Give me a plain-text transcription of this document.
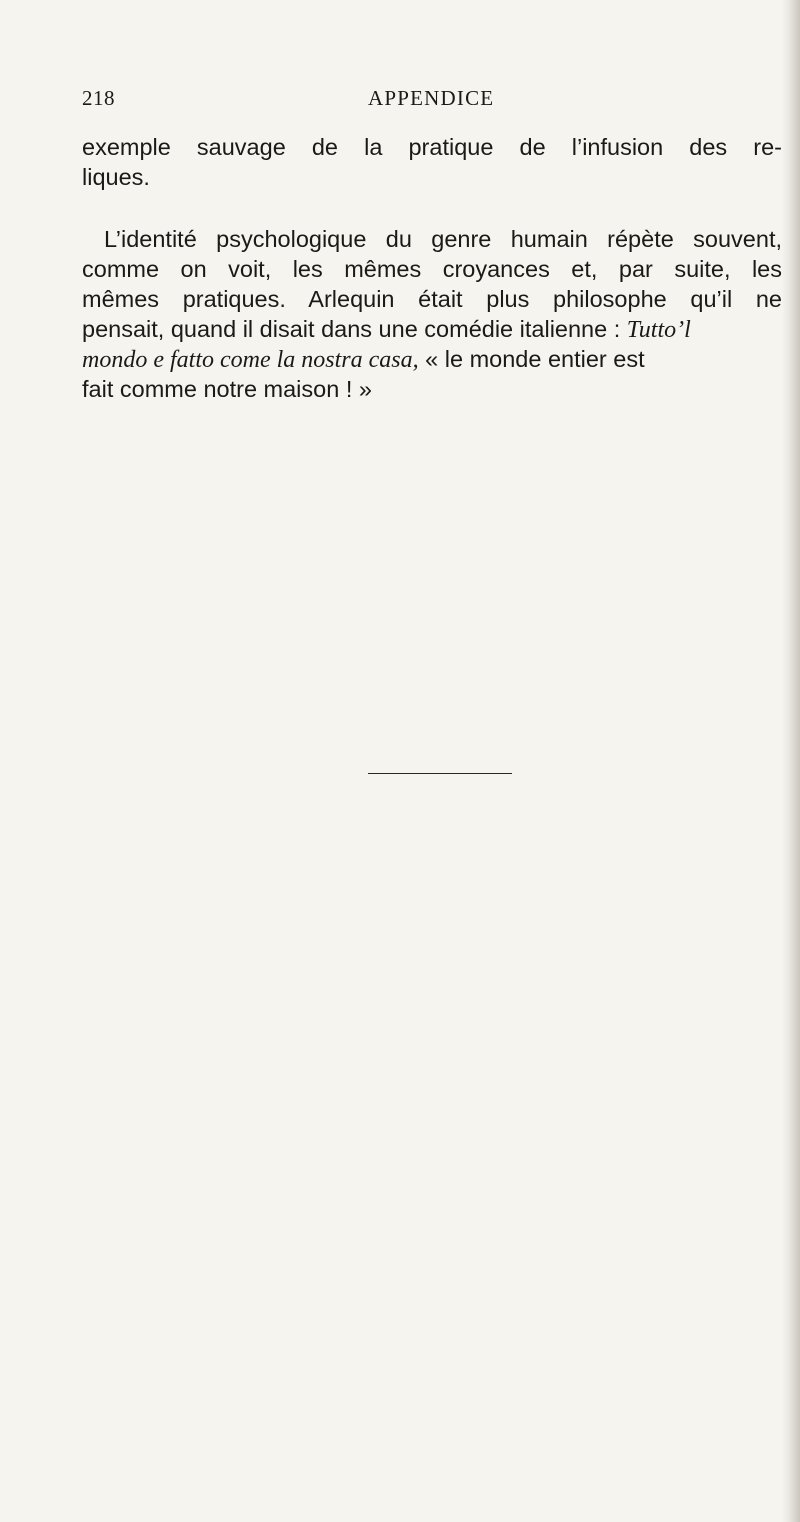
218	APPENDICE
exemple sauvage de la pratique de l’infusion des re-
liques.
L’identité psychologique du genre humain répète souvent,
comme on voit, les mêmes croyances et, par suite, les
mêmes pratiques. Arlequin était plus philosophe qu’il ne
pensait, quand il disait dans une comédie italienne : Tutto’l
mondo e fatto come la nostra casa, « le monde entier est
fait comme notre maison ! »
